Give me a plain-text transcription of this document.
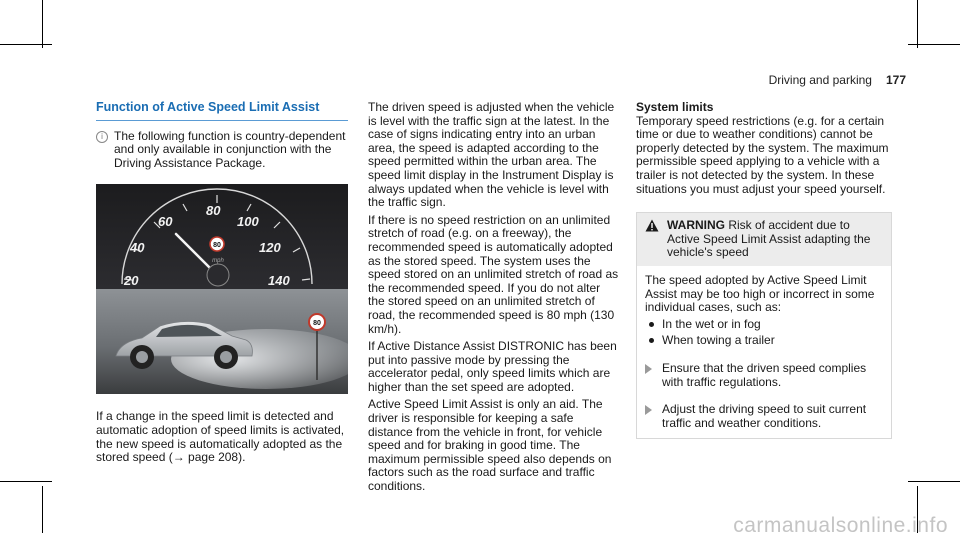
Driving and parking 177
Function of Active Speed Limit Assist
i The following function is country-dependent and only available in conjunction with the Driving Assistance Package.
20
40
60
80
100
120
140
80
mph
80

If a change in the speed limit is detected and automatic adoption of speed limits is activated, the new speed is automatically adopted as the stored speed (→ page 208).

The driven speed is adjusted when the vehicle is level with the traffic sign at the latest. In the case of signs indicating entry into an urban area, the speed is adapted according to the speed permitted within the urban area. The speed limit display in the Instrument Display is always updated when the vehicle is level with the traffic sign.

If there is no speed restriction on an unlimited stretch of road (e.g. on a freeway), the recommended speed is automatically adopted as the stored speed. The system uses the speed stored on an unlimited stretch of road as the recommended speed. If you do not alter the stored speed on an unlimited stretch of road, the recommended speed is 80 mph (130 km/h).

If Active Distance Assist DISTRONIC has been put into passive mode by pressing the accelerator pedal, only speed limits which are higher than the set speed are adopted.

Active Speed Limit Assist is only an aid. The driver is responsible for keeping a safe distance from the vehicle in front, for vehicle speed and for braking in good time. The maximum permissible speed also depends on factors such as the road surface and traffic conditions.

System limits

Temporary speed restrictions (e.g. for a certain time or due to weather conditions) cannot be properly detected by the system. The maximum permissible speed applying to a vehicle with a trailer is not detected by the system. In these situations you must adjust your speed yourself.

WARNING Risk of accident due to Active Speed Limit Assist adapting the vehicle's speed
The speed adopted by Active Speed Limit Assist may be too high or incorrect in some individual cases, such as:
In the wet or in fog
When towing a trailer
Ensure that the driven speed complies with traffic regulations.
Adjust the driving speed to suit current traffic and weather conditions.
carmanualsonline.info
